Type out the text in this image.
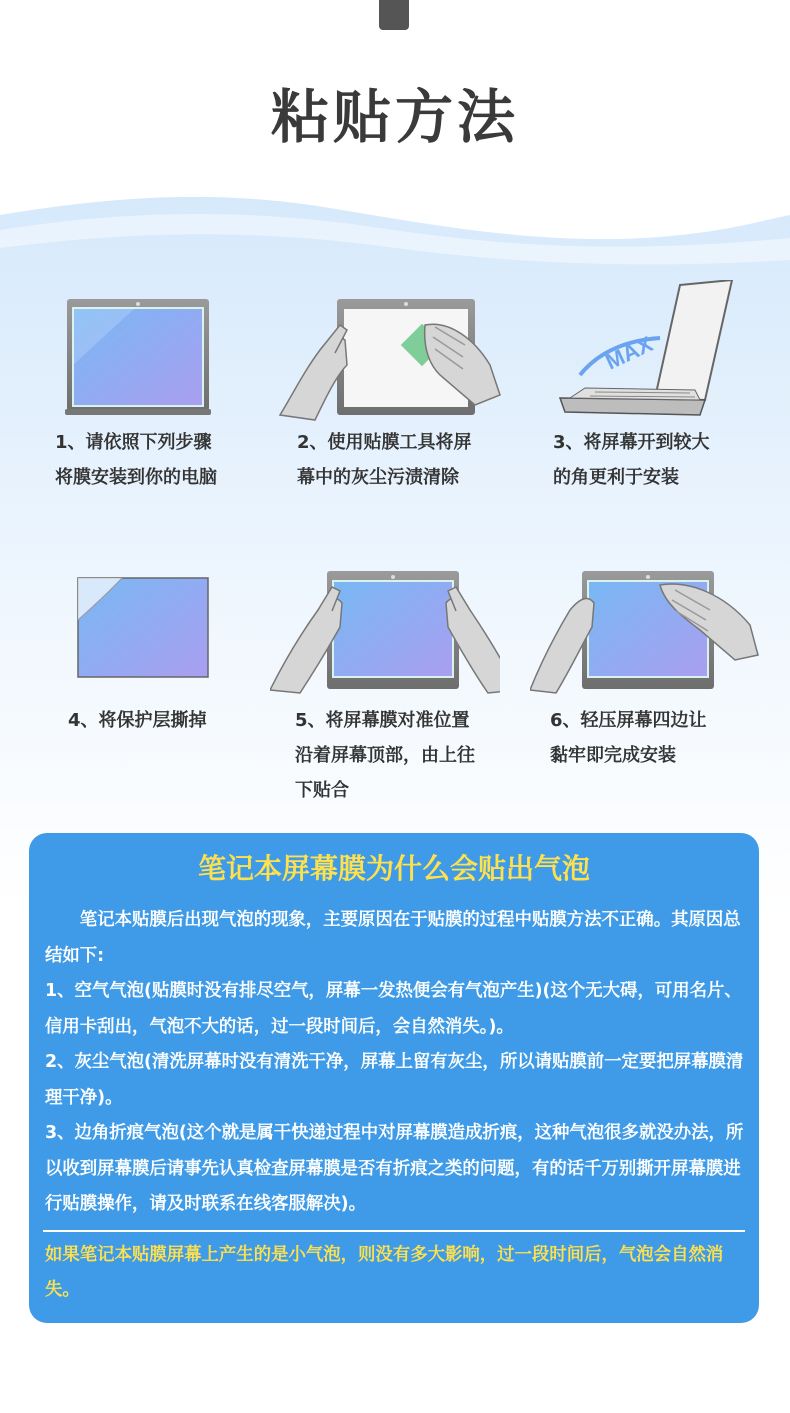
粘贴方法
1、请依照下列步骤
将膜安装到你的电脑
2、使用贴膜工具将屏
幕中的灰尘污渍清除
MAX
3、将屏幕开到较大
的角更利于安装
4、将保护层撕掉	5、将屏幕膜对准位置
沿着屏幕顶部，由上往
下贴合
6、轻压屏幕四边让
黏牢即完成安装
笔记本屏幕膜为什么会贴出气泡

笔记本贴膜后出现气泡的现象，主要原因在于贴膜的过程中贴膜方法不正确。其原因总结如下:

1、空气气泡(贴膜时没有排尽空气，屏幕一发热便会有气泡产生)(这个无大碍，可用名片、信用卡刮出，气泡不大的话，过一段时间后，会自然消失。)。

2、灰尘气泡(清洗屏幕时没有清洗干净，屏幕上留有灰尘，所以请贴膜前一定要把屏幕膜清理干净)。

3、边角折痕气泡(这个就是属干快递过程中对屏幕膜造成折痕，这种气泡很多就没办法，所以收到屏幕膜后请事先认真检查屏幕膜是否有折痕之类的问题，有的话千万别撕开屏幕膜进行贴膜操作，请及时联系在线客服解决)。

如果笔记本贴膜屏幕上产生的是小气泡，则没有多大影响，过一段时间后，气泡会自然消失。
